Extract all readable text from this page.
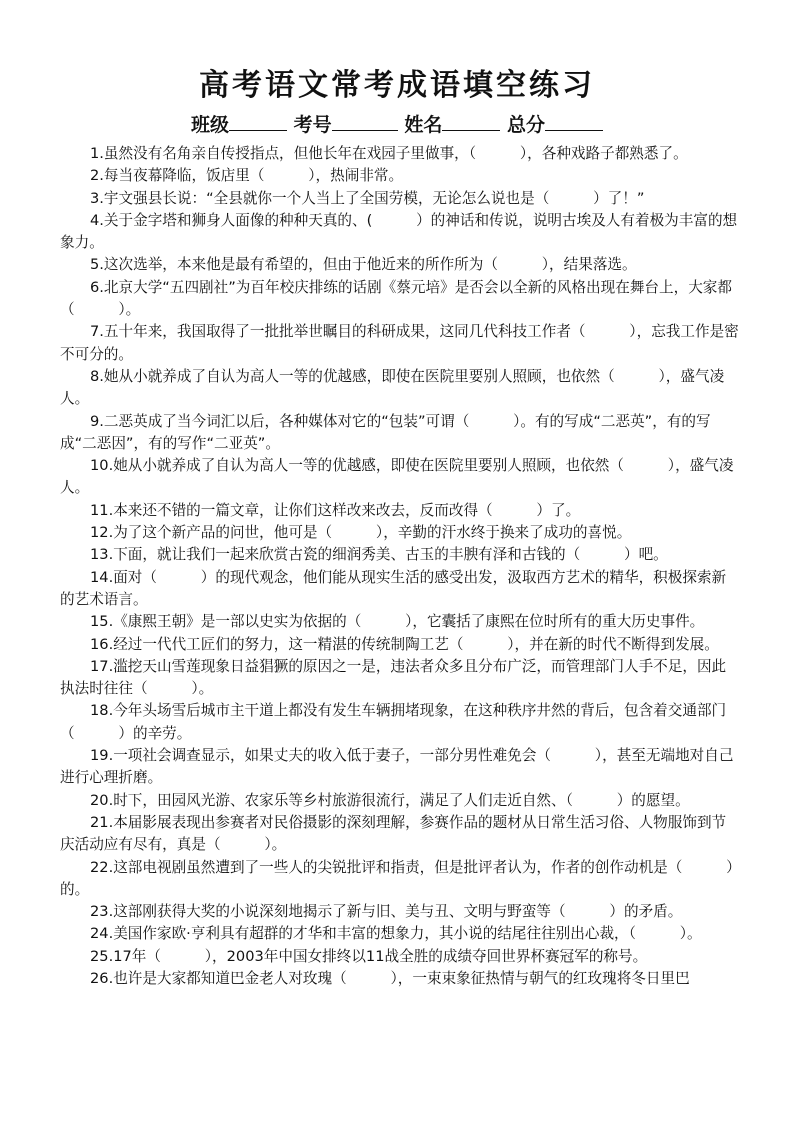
高考语文常考成语填空练习
班级	考号	姓名	总分

1.虽然没有名角亲自传授指点，但他长年在戏园子里做事，（　　　），各种戏路子都熟悉了。

2.每当夜幕降临，饭店里（　　　），热闹非常。

3.宇文强县长说：“全县就你一个人当上了全国劳模，无论怎么说也是（　　　）了！”

4.关于金字塔和狮身人面像的种种天真的、(　　　）的神话和传说，说明古埃及人有着极为丰富的想象力。

5.这次选举，本来他是最有希望的，但由于他近来的所作所为（　　　），结果落选。

6.北京大学“五四剧社”为百年校庆排练的话剧《蔡元培》是否会以全新的风格出现在舞台上，大家都（　　　）。

7.五十年来，我国取得了一批批举世瞩目的科研成果，这同几代科技工作者（　　　），忘我工作是密不可分的。

8.她从小就养成了自认为高人一等的优越感，即使在医院里要别人照顾，也依然（　　　），盛气凌人。

9.二恶英成了当今词汇以后，各种媒体对它的“包装”可谓（　　　）。有的写成“二恶英”，有的写成“二恶因”，有的写作“二亚英”。

10.她从小就养成了自认为高人一等的优越感，即使在医院里要别人照顾，也依然（　　　），盛气凌人。

11.本来还不错的一篇文章，让你们这样改来改去，反而改得（　　　）了。

12.为了这个新产品的问世，他可是（　　　），辛勤的汗水终于换来了成功的喜悦。

13.下面，就让我们一起来欣赏古瓷的细润秀美、古玉的丰腴有泽和古钱的（　　　）吧。

14.面对（　　　）的现代观念，他们能从现实生活的感受出发，汲取西方艺术的精华，积极探索新的艺术语言。

15.《康熙王朝》是一部以史实为依据的（　　　），它囊括了康熙在位时所有的重大历史事件。

16.经过一代代工匠们的努力，这一精湛的传统制陶工艺（　　　），并在新的时代不断得到发展。

17.滥挖天山雪莲现象日益猖獗的原因之一是，违法者众多且分布广泛，而管理部门人手不足，因此执法时往往（　　　）。

18.今年头场雪后城市主干道上都没有发生车辆拥堵现象，在这种秩序井然的背后，包含着交通部门（　　　）的辛劳。

19.一项社会调查显示，如果丈夫的收入低于妻子，一部分男性难免会（　　　），甚至无端地对自己进行心理折磨。

20.时下，田园风光游、农家乐等乡村旅游很流行，满足了人们走近自然、（　　　）的愿望。

21.本届影展表现出参赛者对民俗摄影的深刻理解，参赛作品的题材从日常生活习俗、人物服饰到节庆活动应有尽有，真是（　　　）。

22.这部电视剧虽然遭到了一些人的尖锐批评和指责，但是批评者认为，作者的创作动机是（　　　）的。

23.这部刚获得大奖的小说深刻地揭示了新与旧、美与丑、文明与野蛮等（　　　）的矛盾。

24.美国作家欧·亨利具有超群的才华和丰富的想象力，其小说的结尾往往别出心裁，（　　　）。

25.17年（　　　），2003年中国女排终以11战全胜的成绩夺回世界杯赛冠军的称号。

26.也许是大家都知道巴金老人对玫瑰（　　　），一束束象征热情与朝气的红玫瑰将冬日里巴
